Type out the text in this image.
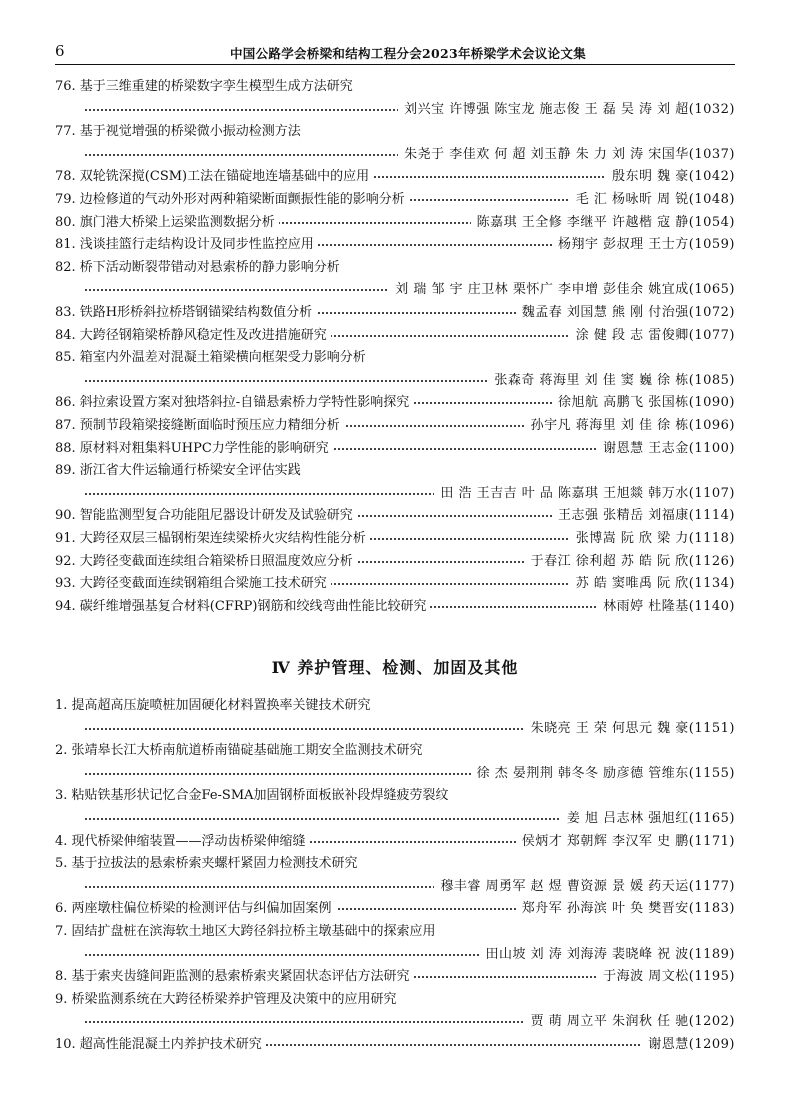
6	中国公路学会桥梁和结构工程分会2023年桥梁学术会议论文集
76. 基于三维重建的桥梁数字孪生模型生成方法研究
刘兴宝 许博强 陈宝龙 施志俊 王 磊 吴 涛 刘 超(1032)
77. 基于视觉增强的桥梁微小振动检测方法
朱尧于 李佳欢 何 超 刘玉静 朱 力 刘 涛 宋国华(1037)
78. 双轮铣深搅(CSM)工法在锚碇地连墙基础中的应用	殷东明 魏 豪(1042)
79. 边检修道的气动外形对两种箱梁断面颤振性能的影响分析	毛 汇 杨咏昕 周 锐(1048)
80. 旗门港大桥梁上运梁监测数据分析	陈嘉琪 王全修 李继平 许越楷 寇 静(1054)
81. 浅谈挂篮行走结构设计及同步性监控应用	杨翔宇 彭叔理 王士方(1059)
82. 桥下活动断裂带错动对悬索桥的静力影响分析
刘 瑞 邹 宇 庄卫林 栗怀广 李申增 彭佳余 姚宜成(1065)
83. 铁路H形桥斜拉桥塔钢锚梁结构数值分析	魏孟春 刘国慧 熊 刚 付治强(1072)
84. 大跨径钢箱梁桥静风稳定性及改进措施研究	涂 健 段 志 雷俊卿(1077)
85. 箱室内外温差对混凝土箱梁横向框架受力影响分析
张森奇 蒋海里 刘 佳 窦 巍 徐 栋(1085)
86. 斜拉索设置方案对独塔斜拉-自锚悬索桥力学特性影响探究	徐旭航 高鹏飞 张国栋(1090)
87. 预制节段箱梁接缝断面临时预压应力精细分析	孙宇凡 蒋海里 刘 佳 徐 栋(1096)
88. 原材料对粗集料UHPC力学性能的影响研究	谢恩慧 王志金(1100)
89. 浙江省大件运输通行桥梁安全评估实践
田 浩 王吉吉 叶 品 陈嘉琪 王旭燚 韩万水(1107)
90. 智能监测型复合功能阻尼器设计研发及试验研究	王志强 张精岳 刘福康(1114)
91. 大跨径双层三榀钢桁架连续梁桥火灾结构性能分析	张博嵩 阮 欣 梁 力(1118)
92. 大跨径变截面连续组合箱梁桥日照温度效应分析	于春江 徐利超 苏 皓 阮 欣(1126)
93. 大跨径变截面连续钢箱组合梁施工技术研究	苏 皓 窦唯禹 阮 欣(1134)
94. 碳纤维增强基复合材料(CFRP)钢筋和绞线弯曲性能比较研究	林雨婷 杜隆基(1140)
Ⅳ 养护管理、检测、加固及其他
1. 提高超高压旋喷桩加固硬化材料置换率关键技术研究
朱晓亮 王 荣 何思元 魏 豪(1151)
2. 张靖皋长江大桥南航道桥南锚碇基础施工期安全监测技术研究
徐 杰 晏荆荆 韩冬冬 励彦德 管维东(1155)
3. 粘贴铁基形状记忆合金Fe-SMA加固钢桥面板嵌补段焊缝疲劳裂纹
姜 旭 吕志林 强旭红(1165)
4. 现代桥梁伸缩装置——浮动齿桥梁伸缩缝	侯炳才 郑朝辉 李汉军 史 鹏(1171)
5. 基于拉拔法的悬索桥索夹螺杆紧固力检测技术研究
穆丰睿 周勇军 赵 煜 曹资源 景 媛 药天运(1177)
6. 两座墩柱偏位桥梁的检测评估与纠偏加固案例	郑舟军 孙海滨 叶 奂 樊晋安(1183)
7. 固结扩盘桩在滨海软土地区大跨径斜拉桥主墩基础中的探索应用
田山坡 刘 涛 刘海涛 裴晓峰 祝 波(1189)
8. 基于索夹齿缝间距监测的悬索桥索夹紧固状态评估方法研究	于海波 周文松(1195)
9. 桥梁监测系统在大跨径桥梁养护管理及决策中的应用研究
贾 萌 周立平 朱润秋 任 驰(1202)
10. 超高性能混凝土内养护技术研究	谢恩慧(1209)
